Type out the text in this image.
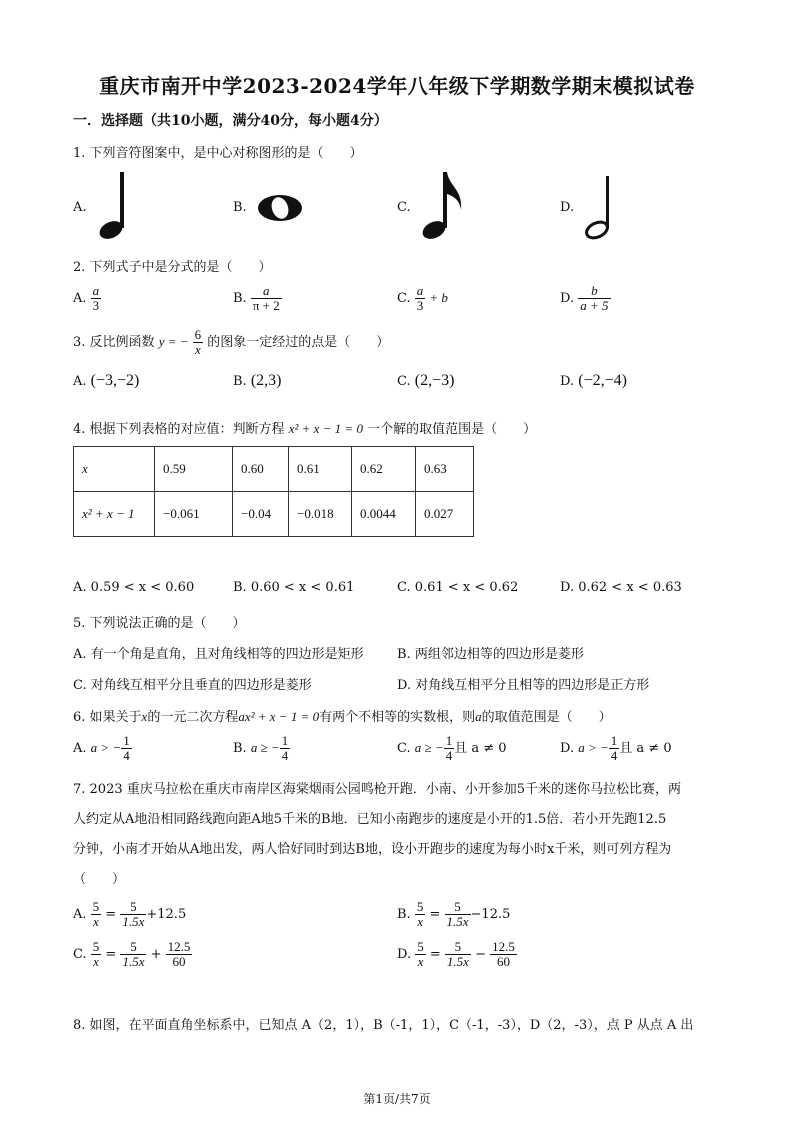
重庆市南开中学2023-2024学年八年级下学期数学期末模拟试卷
一．选择题（共10小题，满分40分，每小题4分）
1. 下列音符图案中，是中心对称图形的是（　　）
A.	B.	C.	D.
2. 下列式子中是分式的是（　　）
A. $\frac{a}{3}$	B. $\frac{a}{\pi + 2}$	C. $\frac{a}{3} + b$	D. $\frac{b}{a + 5}$
3. 反比例函数 y = − $\frac{6}{x}$ 的图象一定经过的点是（　　）
A. (−3,−2)	B. (2,3)	C. (2,−3)	D. (−2,−4)
4. 根据下列表格的对应值：判断方程 x² + x − 1 = 0 一个解的取值范围是（　　）
x	0.59	0.60	0.61	0.62	0.63
x² + x − 1	−0.061	−0.04	−0.018	0.0044	0.027
A. 0.59 < x < 0.60	B. 0.60 < x < 0.61	C. 0.61 < x < 0.62	D. 0.62 < x < 0.63
5. 下列说法正确的是（　　）
A. 有一个角是直角，且对角线相等的四边形是矩形	B. 两组邻边相等的四边形是菱形
C. 对角线互相平分且垂直的四边形是菱形	D. 对角线互相平分且相等的四边形是正方形
6. 如果关于x的一元二次方程ax² + x − 1 = 0有两个不相等的实数根，则a的取值范围是（　　）
A. a > − $\frac{1}{4}$	B. a ≥ − $\frac{1}{4}$	C. a ≥ − $\frac{1}{4}$ 且 a ≠ 0	D. a > − $\frac{1}{4}$ 且 a ≠ 0
7. 2023 重庆马拉松在重庆市南岸区海棠烟雨公园鸣枪开跑．小南、小开参加5千米的迷你马拉松比赛，两
人约定从A地沿相同路线跑向距A地5千米的B地．已知小南跑步的速度是小开的1.5倍．若小开先跑12.5
分钟，小南才开始从A地出发，两人恰好同时到达B地，设小开跑步的速度为每小时x千米，则可列方程为
（　　）
A. $\frac{5}{x} = \frac{5}{1.5x} +12.5$	B. $\frac{5}{x} = \frac{5}{1.5x} -12.5$
C. $\frac{5}{x} = \frac{5}{1.5x} + \frac{12.5}{60}$	D. $\frac{5}{x} = \frac{5}{1.5x} - \frac{12.5}{60}$
8. 如图，在平面直角坐标系中，已知点 A（2，1），B（-1，1），C（-1，-3），D（2，-3），点 P 从点 A 出
第1页/共7页
